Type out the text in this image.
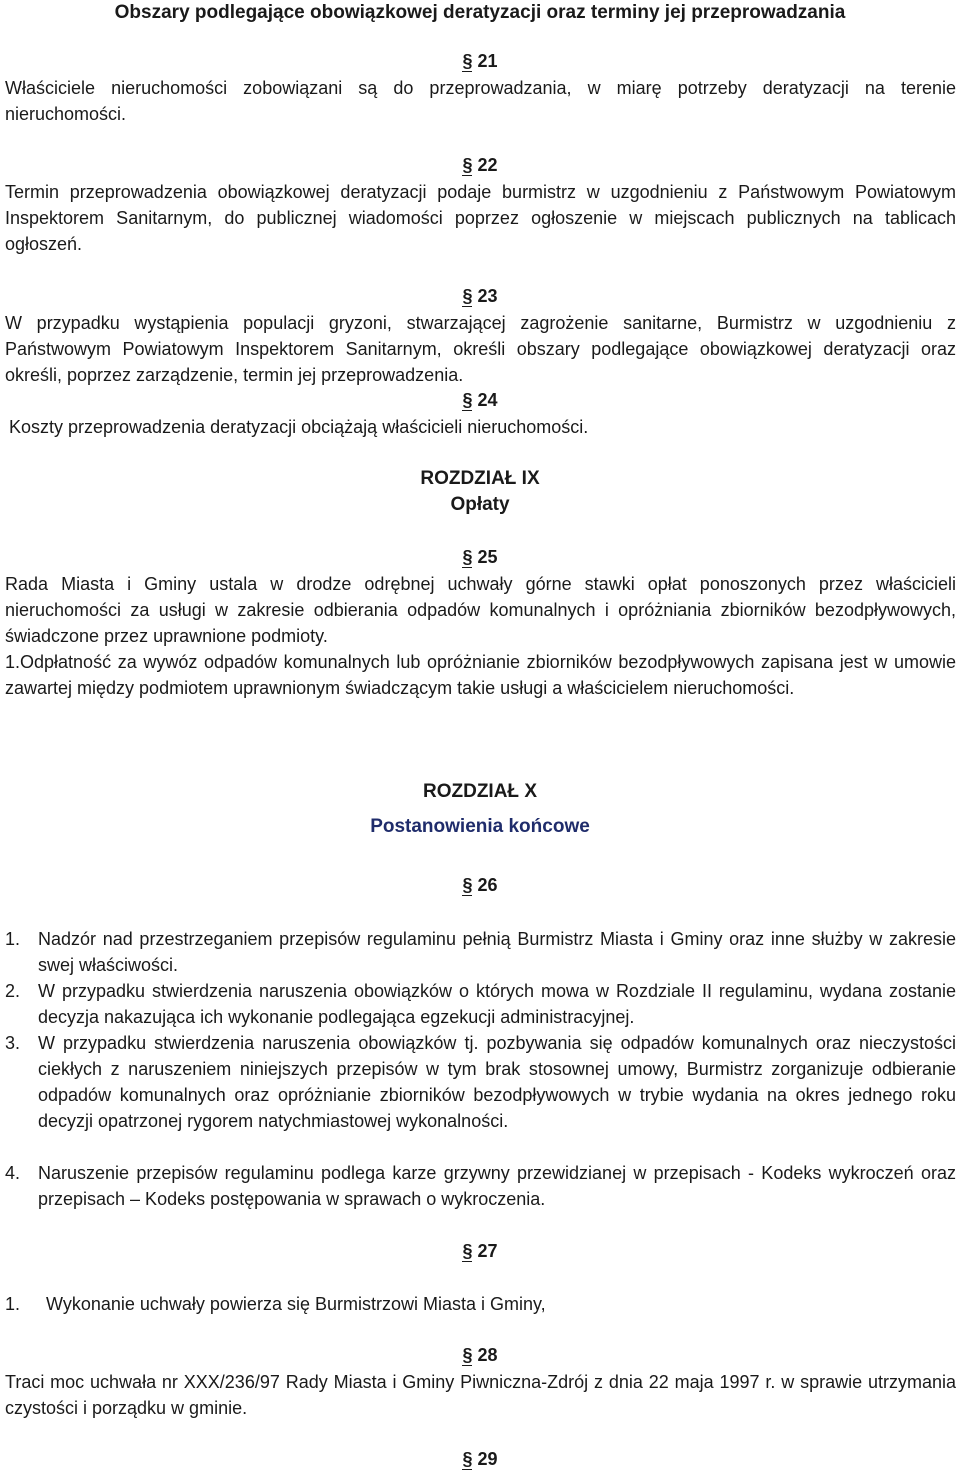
Obszary podlegające obowiązkowej deratyzacji oraz terminy jej przeprowadzania
§ 21
Właściciele nieruchomości zobowiązani są do przeprowadzania, w miarę potrzeby deratyzacji na terenie nieruchomości.
§ 22
Termin przeprowadzenia obowiązkowej deratyzacji podaje burmistrz w uzgodnieniu z Państwowym Powiatowym Inspektorem Sanitarnym, do publicznej wiadomości poprzez ogłoszenie w miejscach publicznych na tablicach ogłoszeń.
§ 23
W przypadku wystąpienia populacji gryzoni, stwarzającej zagrożenie sanitarne, Burmistrz w uzgodnieniu z Państwowym Powiatowym Inspektorem Sanitarnym, określi obszary podlegające obowiązkowej deratyzacji oraz określi, poprzez zarządzenie, termin jej przeprowadzenia.
§ 24
Koszty przeprowadzenia deratyzacji obciążają właścicieli nieruchomości.
ROZDZIAŁ IX
Opłaty
§ 25
Rada Miasta i Gminy ustala w drodze odrębnej uchwały górne stawki opłat ponoszonych przez właścicieli nieruchomości za usługi w zakresie odbierania odpadów komunalnych i opróżniania zbiorników bezodpływowych, świadczone przez uprawnione podmioty.
1.Odpłatność za wywóz odpadów komunalnych lub opróżnianie zbiorników bezodpływowych zapisana jest w umowie zawartej między podmiotem uprawnionym świadczącym takie usługi a właścicielem nieruchomości.
ROZDZIAŁ X
Postanowienia końcowe
§ 26
1. Nadzór nad przestrzeganiem przepisów regulaminu pełnią Burmistrz Miasta i Gminy oraz inne służby w zakresie swej właściwości.
2. W przypadku stwierdzenia naruszenia obowiązków o których mowa w Rozdziale II regulaminu, wydana zostanie decyzja nakazująca ich wykonanie podlegająca egzekucji administracyjnej.
3. W przypadku stwierdzenia naruszenia obowiązków tj. pozbywania się odpadów komunalnych oraz nieczystości ciekłych z naruszeniem niniejszych przepisów w tym brak stosownej umowy, Burmistrz zorganizuje odbieranie odpadów komunalnych oraz opróżnianie zbiorników bezodpływowych w trybie wydania na okres jednego roku decyzji opatrzonej rygorem natychmiastowej wykonalności.
4. Naruszenie przepisów regulaminu podlega karze grzywny przewidzianej w przepisach - Kodeks wykroczeń oraz przepisach – Kodeks postępowania w sprawach o wykroczenia.
§ 27
1. Wykonanie uchwały powierza się Burmistrzowi Miasta i Gminy,
§ 28
Traci moc uchwała nr XXX/236/97 Rady Miasta i Gminy Piwniczna-Zdrój z dnia 22 maja 1997 r. w sprawie utrzymania czystości i porządku w gminie.
§ 29
